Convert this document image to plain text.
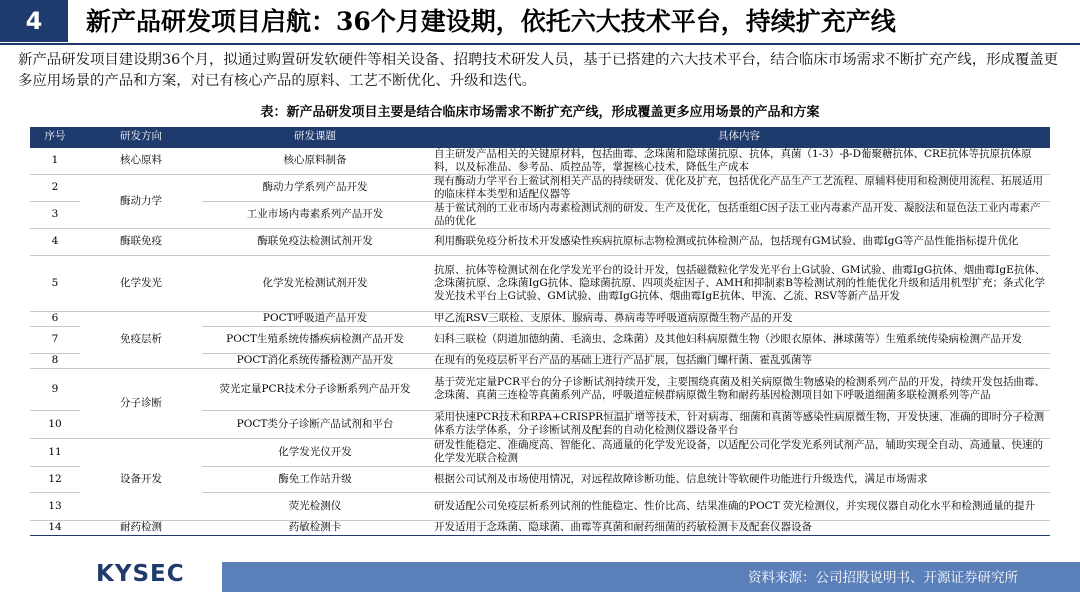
4	新产品研发项目启航：36个月建设期，依托六大技术平台，持续扩充产线

新产品研发项目建设期36个月，拟通过购置研发软硬件等相关设备、招聘技术研发人员，基于已搭建的六大技术平台，结合临床市场需求不断扩充产线，形成覆盖更多应用场景的产品和方案，对已有核心产品的原料、工艺不断优化、升级和迭代。

表：新产品研发项目主要是结合临床市场需求不断扩充产线，形成覆盖更多应用场景的产品和方案
序号	研发方向	研发课题	具体内容
1	核心原料	核心原料制备	自主研发产品相关的关键原材料，包括曲霉、念珠菌和隐球菌抗原、抗体，真菌（1-3）-β-D葡聚糖抗体、CRE抗体等抗原抗体原料，以及标准品、参考品、质控品等，掌握核心技术，降低生产成本
2	酶动力学	酶动力学系列产品开发	现有酶动力学平台上鲎试剂相关产品的持续研发、优化及扩充，包括优化产品生产工艺流程、原辅料使用和检测使用流程、拓展适用的临床样本类型和适配仪器等
3		工业市场内毒素系列产品开发	基于鲎试剂的工业市场内毒素检测试剂的研发、生产及优化，包括重组C因子法工业内毒素产品开发、凝胶法和显色法工业内毒素产品的优化
4	酶联免疫	酶联免疫法检测试剂开发	利用酶联免疫分析技术开发感染性疾病抗原标志物检测或抗体检测产品，包括现有GM试验、曲霉IgG等产品性能指标提升优化
5	化学发光	化学发光检测试剂开发	抗原、抗体等检测试剂在化学发光平台的设计开发，包括磁微粒化学发光平台上G试验、GM试验、曲霉IgG抗体、烟曲霉IgE抗体、念珠菌抗原、念珠菌IgG抗体、隐球菌抗原、四项炎症因子、AMH和抑制素B等检测试剂的性能优化升级和适用机型扩充；条式化学发光技术平台上G试验、GM试验、曲霉IgG抗体、烟曲霉IgE抗体、甲流、乙流、RSV等新产品开发
6	免疫层析	POCT呼吸道产品开发	甲乙流RSV三联检、支原体、腺病毒、鼻病毒等呼吸道病原微生物产品的开发
7		POCT生殖系统传播疾病检测产品开发	妇科三联检（阴道加德纳菌、毛滴虫、念珠菌）及其他妇科病原微生物（沙眼衣原体、淋球菌等）生殖系统传染病检测产品开发
8		POCT消化系统传播检测产品开发	在现有的免疫层析平台产品的基础上进行产品扩展，包括幽门螺杆菌、霍乱弧菌等
9	分子诊断	荧光定量PCR技术分子诊断系列产品开发	基于荧光定量PCR平台的分子诊断试剂持续开发，主要围绕真菌及相关病原微生物感染的检测系列产品的开发，持续开发包括曲霉、念珠菌、真菌三连检等真菌系列产品，呼吸道症候群病原微生物和耐药基因检测项目如下呼吸道细菌多联检测系列等产品
10		POCT类分子诊断产品试剂和平台	采用快速PCR技术和RPA+CRISPR恒温扩增等技术，针对病毒、细菌和真菌等感染性病原微生物，开发快速、准确的即时分子检测体系方法学体系，分子诊断试剂及配套的自动化检测仪器设备平台
11	设备开发	化学发光仪开发	研发性能稳定、准确度高、智能化、高通量的化学发光设备，以适配公司化学发光系列试剂产品，辅助实现全自动、高通量、快速的化学发光联合检测
12		酶免工作站升级	根据公司试剂及市场使用情况，对远程故障诊断功能、信息统计等软硬件功能进行升级迭代，满足市场需求
13		荧光检测仪	研发适配公司免疫层析系列试剂的性能稳定、性价比高、结果准确的POCT 荧光检测仪，并实现仪器自动化水平和检测通量的提升
14	耐药检测	药敏检测卡	开发适用于念珠菌、隐球菌、曲霉等真菌和耐药细菌的药敏检测卡及配套仪器设备
KYSEC	资料来源：公司招股说明书、开源证券研究所
